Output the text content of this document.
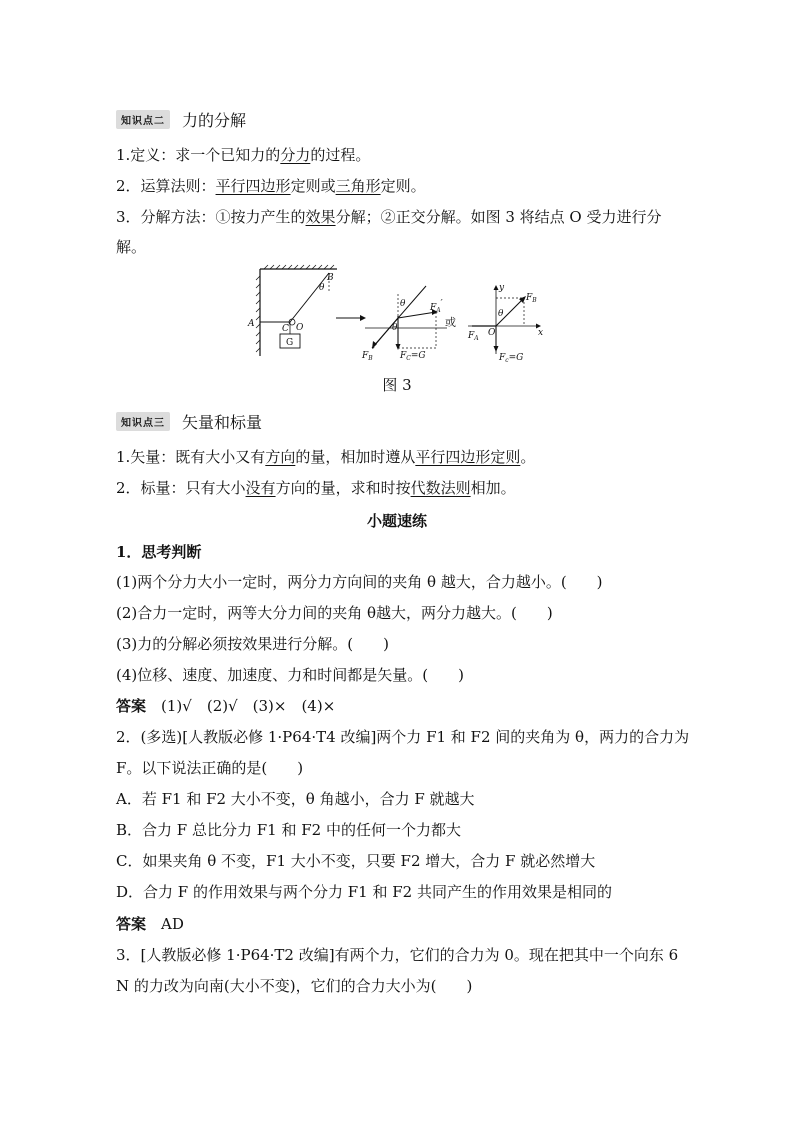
知识点二	力的分解
1.定义：求一个已知力的分力的过程。
2．运算法则：平行四边形定则或三角形定则。
3．分解方法：①按力产生的效果分解；②正交分解。如图 3 将结点 O 受力进行分
解。
G
A	C O
B
θ
θ
θ
$F_A'$
$F_B'$	$F_C=G$
或
x
y
O
θ
$F_B$
$F_A$
$F_c=G$
图 3
知识点三	矢量和标量
1.矢量：既有大小又有方向的量，相加时遵从平行四边形定则。
2．标量：只有大小没有方向的量，求和时按代数法则相加。
小题速练
1．思考判断
(1)两个分力大小一定时，两分力方向间的夹角 θ 越大，合力越小。(　　)
(2)合力一定时，两等大分力间的夹角 θ越大，两分力越大。(　　)
(3)力的分解必须按效果进行分解。(　　)
(4)位移、速度、加速度、力和时间都是矢量。(　　)
答案　 (1)√　(2)√　(3)×　(4)×
2．(多选)[人教版必修 1·P64·T4 改编]两个力 F1 和 F2 间的夹角为 θ，两力的合力为
F。以下说法正确的是(　　)
A．若 F1 和 F2 大小不变，θ 角越小，合力 F 就越大
B．合力 F 总比分力 F1 和 F2 中的任何一个力都大
C．如果夹角 θ 不变，F1 大小不变，只要 F2 增大，合力 F 就必然增大
D．合力 F 的作用效果与两个分力 F1 和 F2 共同产生的作用效果是相同的
答案　 AD
3．[人教版必修 1·P64·T2 改编]有两个力，它们的合力为 0。现在把其中一个向东 6
N 的力改为向南(大小不变)，它们的合力大小为(　　)
